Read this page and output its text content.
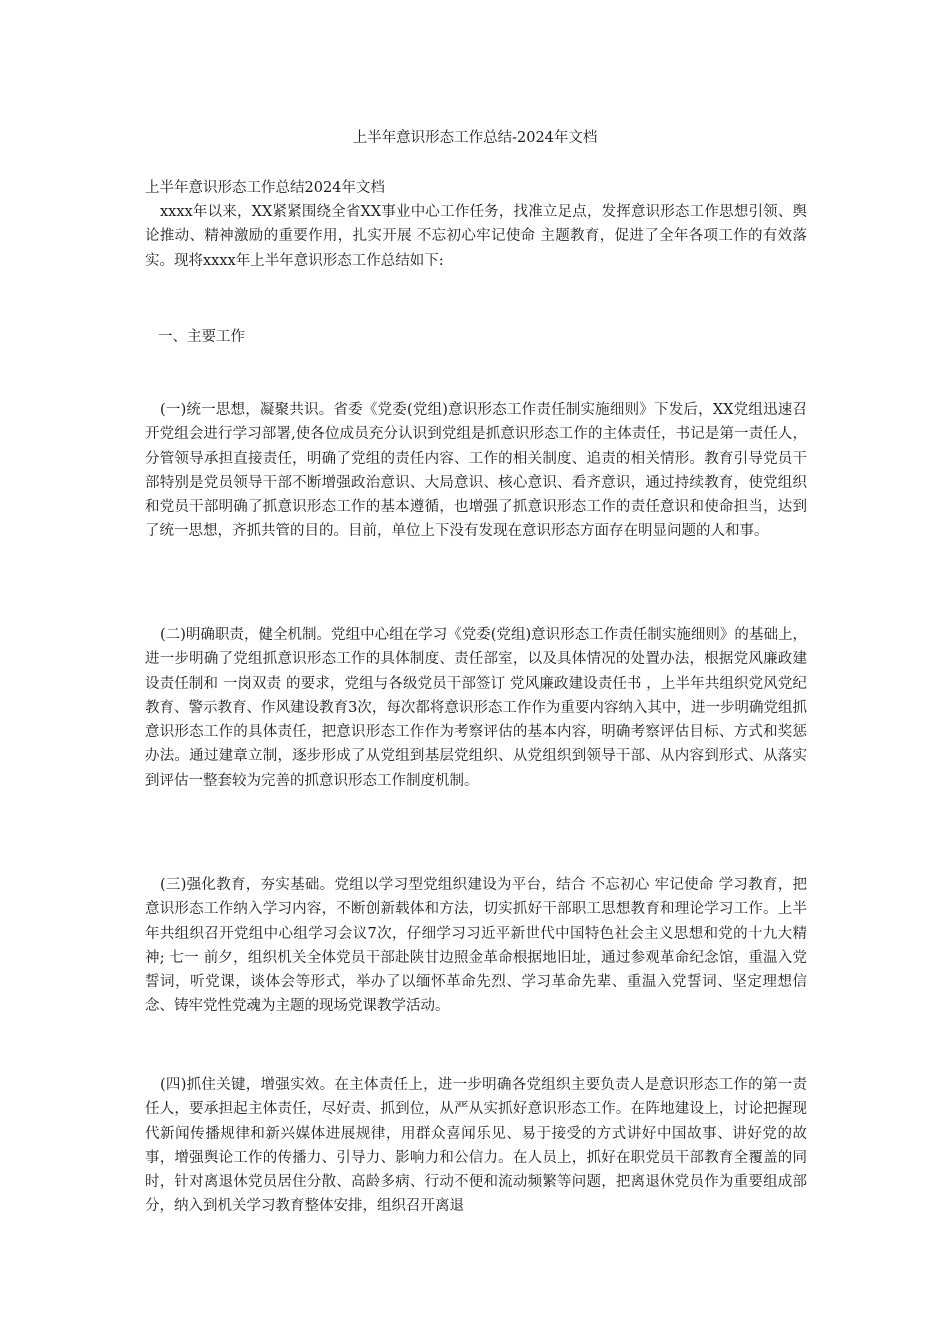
上半年意识形态工作总结-2024年文档

上半年意识形态工作总结2024年文档

xxxx年以来，XX紧紧围绕全省XX事业中心工作任务，找准立足点，发挥意识形态工作思想引领、舆论推动、精神激励的重要作用，扎实开展 不忘初心牢记使命 主题教育，促进了全年各项工作的有效落实。现将xxxx年上半年意识形态工作总结如下:

一、主要工作

(一)统一思想，凝聚共识。省委《党委(党组)意识形态工作责任制实施细则》下发后，XX党组迅速召开党组会进行学习部署,使各位成员充分认识到党组是抓意识形态工作的主体责任，书记是第一责任人，分管领导承担直接责任，明确了党组的责任内容、工作的相关制度、追责的相关情形。教育引导党员干部特别是党员领导干部不断增强政治意识、大局意识、核心意识、看齐意识，通过持续教育，使党组织和党员干部明确了抓意识形态工作的基本遵循，也增强了抓意识形态工作的责任意识和使命担当，达到了统一思想，齐抓共管的目的。目前，单位上下没有发现在意识形态方面存在明显问题的人和事。

(二)明确职责，健全机制。党组中心组在学习《党委(党组)意识形态工作责任制实施细则》的基础上，进一步明确了党组抓意识形态工作的具体制度、责任部室，以及具体情况的处置办法，根据党风廉政建设责任制和 一岗双责 的要求，党组与各级党员干部签订 党风廉政建设责任书 ，上半年共组织党风党纪教育、警示教育、作风建设教育3次，每次都将意识形态工作作为重要内容纳入其中，进一步明确党组抓意识形态工作的具体责任，把意识形态工作作为考察评估的基本内容，明确考察评估目标、方式和奖惩办法。通过建章立制，逐步形成了从党组到基层党组织、从党组织到领导干部、从内容到形式、从落实到评估一整套较为完善的抓意识形态工作制度机制。

(三)强化教育，夯实基础。党组以学习型党组织建设为平台，结合 不忘初心 牢记使命 学习教育，把意识形态工作纳入学习内容，不断创新载体和方法，切实抓好干部职工思想教育和理论学习工作。上半年共组织召开党组中心组学习会议7次，仔细学习习近平新世代中国特色社会主义思想和党的十九大精神; 七一 前夕，组织机关全体党员干部赴陕甘边照金革命根据地旧址，通过参观革命纪念馆，重温入党誓词，听党课，谈体会等形式，举办了以缅怀革命先烈、学习革命先辈、重温入党誓词、坚定理想信念、铸牢党性党魂为主题的现场党课教学活动。

(四)抓住关键，增强实效。在主体责任上，进一步明确各党组织主要负责人是意识形态工作的第一责任人，要承担起主体责任，尽好责、抓到位，从严从实抓好意识形态工作。在阵地建设上，讨论把握现代新闻传播规律和新兴媒体进展规律，用群众喜闻乐见、易于接受的方式讲好中国故事、讲好党的故事，增强舆论工作的传播力、引导力、影响力和公信力。在人员上，抓好在职党员干部教育全覆盖的同时，针对离退休党员居住分散、高龄多病、行动不便和流动频繁等问题，把离退休党员作为重要组成部分，纳入到机关学习教育整体安排，组织召开离退
